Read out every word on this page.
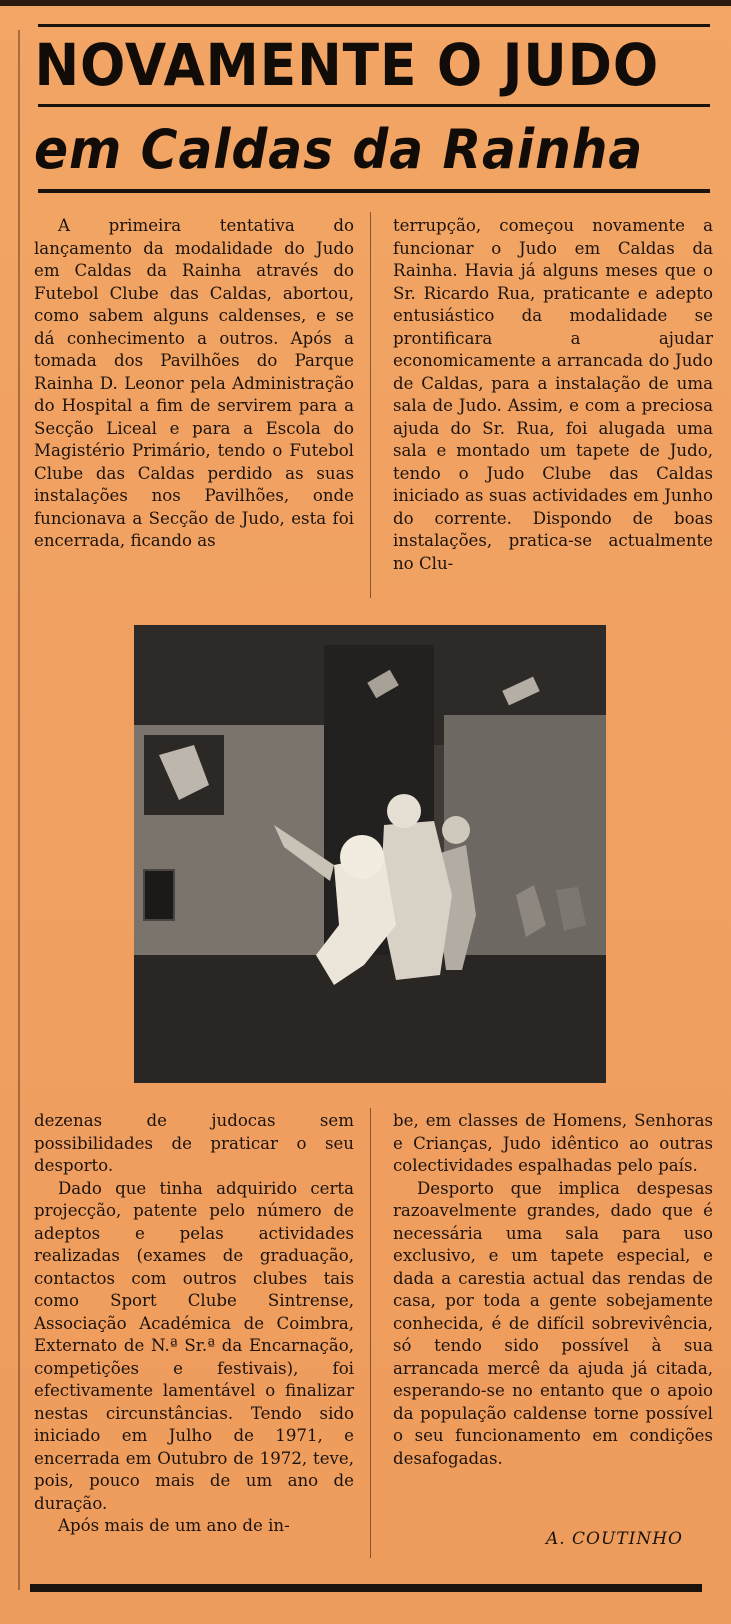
NOVAMENTE O JUDO
em Caldas da Rainha

A primeira tentativa do lançamento da modalidade do Judo em Caldas da Rainha através do Futebol Clube das Caldas, abortou, como sabem alguns caldenses, e se dá conhecimento a outros. Após a tomada dos Pavilhões do Parque Rainha D. Leonor pela Administração do Hospital a fim de servirem para a Secção Liceal e para a Escola do Magistério Primário, tendo o Futebol Clube das Caldas perdido as suas instalações nos Pavilhões, onde funcionava a Secção de Judo, esta foi encerrada, ficando as

terrupção, começou novamente a funcionar o Judo em Caldas da Rainha. Havia já alguns meses que o Sr. Ricardo Rua, praticante e adepto entusiástico da modalidade se prontificara a ajudar economicamente a arrancada do Judo de Caldas, para a instalação de uma sala de Judo. Assim, e com a preciosa ajuda do Sr. Rua, foi alugada uma sala e montado um tapete de Judo, tendo o Judo Clube das Caldas iniciado as suas actividades em Junho do corrente. Dispondo de boas instalações, pratica-se actualmente no Clu-

dezenas de judocas sem possibilidades de praticar o seu desporto.

Dado que tinha adquirido certa projecção, patente pelo número de adeptos e pelas actividades realizadas (exames de graduação, contactos com outros clubes tais como Sport Clube Sintrense, Associação Académica de Coimbra, Externato de N.ª Sr.ª da Encarnação, competições e festivais), foi efectivamente lamentável o finalizar nestas circunstâncias. Tendo sido iniciado em Julho de 1971, e encerrada em Outubro de 1972, teve, pois, pouco mais de um ano de duração.

Após mais de um ano de in-

be, em classes de Homens, Senhoras e Crianças, Judo idêntico ao outras colectividades espalhadas pelo país.

Desporto que implica despesas razoavelmente grandes, dado que é necessária uma sala para uso exclusivo, e um tapete especial, e dada a carestia actual das rendas de casa, por toda a gente sobejamente conhecida, é de difícil sobrevivência, só tendo sido possível à sua arrancada mercê da ajuda já citada, esperando-se no entanto que o apoio da população caldense torne possível o seu funcionamento em condições desafogadas.

A. COUTINHO
